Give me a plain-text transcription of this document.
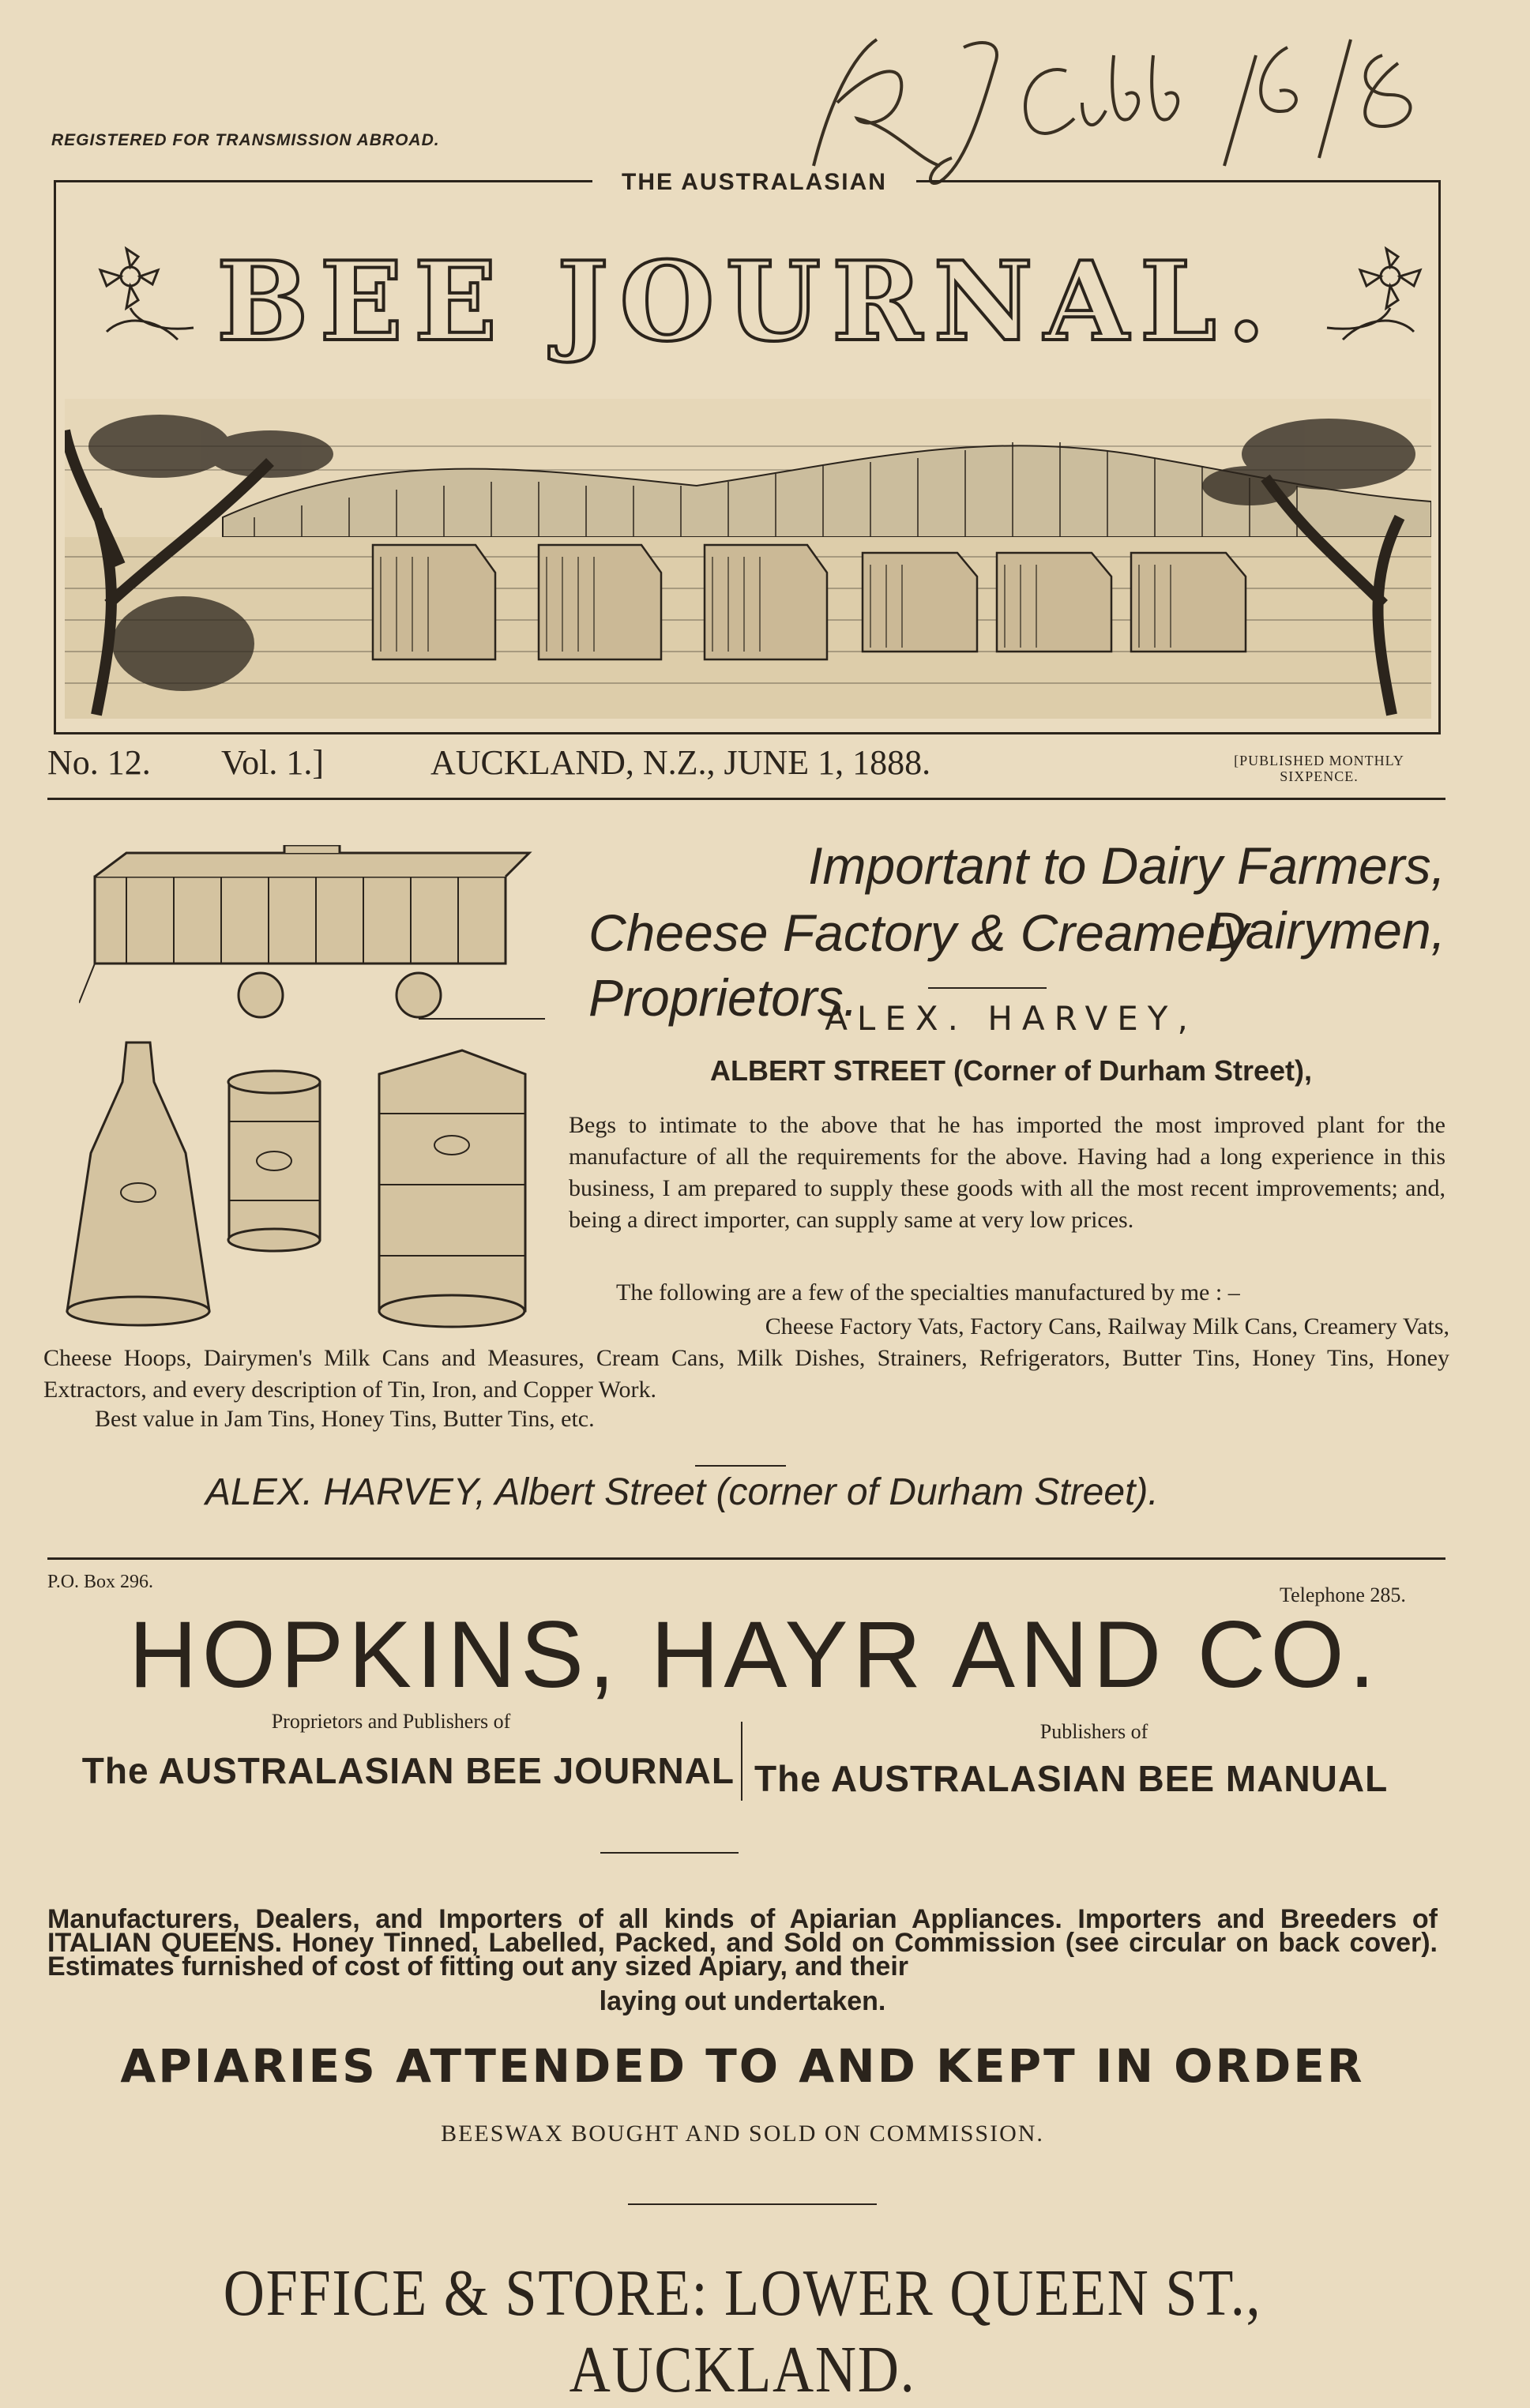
REGISTERED FOR TRANSMISSION ABROAD.
THE AUSTRALASIAN
BEE JOURNAL.
No. 12. Vol. 1.]	AUCKLAND, N.Z., JUNE 1, 1888.	[PUBLISHED MONTHLY
SIXPENCE.
Important to Dairy Farmers, Dairymen,
Cheese Factory & Creamery Proprietors.
ALEX. HARVEY,
ALBERT STREET (Corner of Durham Street),
Begs to intimate to the above that he has imported the most improved plant for the manufacture of all the requirements for the above. Having had a long experience in this business, I am prepared to supply these goods with all the most recent improvements; and, being a direct importer, can supply same at very low prices.
The following are a few of the specialties manufactured by me : –
Cheese Factory Vats, Factory Cans, Railway Milk Cans, Creamery Vats,
Cheese Hoops, Dairymen's Milk Cans and Measures, Cream Cans, Milk Dishes, Strainers, Refrigerators, Butter Tins, Honey Tins, Honey Extractors, and every description of Tin, Iron, and Copper Work.
Best value in Jam Tins, Honey Tins, Butter Tins, etc.
ALEX. HARVEY, Albert Street (corner of Durham Street).
P.O. Box 296.
Telephone 285.
HOPKINS, HAYR AND CO.
Proprietors and Publishers of	Publishers of
The AUSTRALASIAN BEE JOURNAL The AUSTRALASIAN BEE MANUAL
Manufacturers, Dealers, and Importers of all kinds of Apiarian Appliances. Importers and Breeders of ITALIAN QUEENS. Honey Tinned, Labelled, Packed, and Sold on Commission (see circular on back cover). Estimates furnished of cost of fitting out any sized Apiary, and their
laying out undertaken.
APIARIES ATTENDED TO AND KEPT IN ORDER
BEESWAX BOUGHT AND SOLD ON COMMISSION.
OFFICE & STORE: LOWER QUEEN ST., AUCKLAND.
